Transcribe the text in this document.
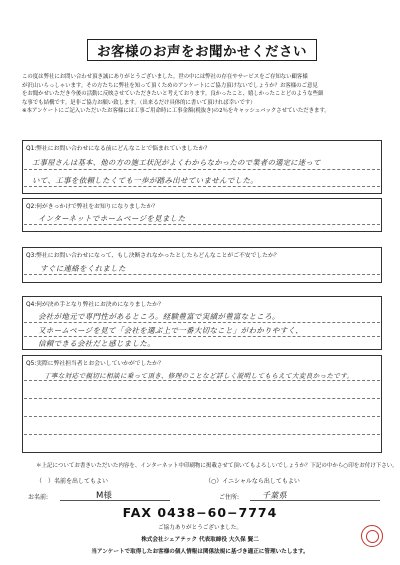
お客様のお声をお聞かせください
この度は弊社にお問い合わせ頂き誠にありがとうございました。世の中には弊社の存在やサービスをご存知ない顧客様
が沢山いらっしゃいます。その方たちに弊社を知って頂くためのアンケートにご協力頂けないでしょうか？お客様のご意見
をお聞かせいただき今後の活動に反映させていただきたいと考えております。良かったこと、嬉しかったことどのような些細
な事でも結構です。是非ご協力お願い致します。（出来るだけ具体的に書いて頂ければ幸いです）
※本アンケートにご記入いただいたお客様には工事ご用命時に工事金額(税抜き)の2％をキャッシュバックさせていただきます。
Q1:弊社にお問い合わせになる前にどんなことで悩まれていましたか？
工事屋さんは基本、他の方の施工状況がよくわからなかったので業者の選定に迷って
いて、工事を依頼したくても一歩が踏み出せていませんでした。
Q2:何がきっかけで弊社をお知りになりましたか？
インターネットでホームページを見ました
Q3:弊社にお問い合わせになって、もし決断されなかったとしたらどんなことがご不安でしたか？
すぐに連絡をくれました
Q4:何が決め手となり弊社にお決めになりましたか？
会社が地元で専門性があるところ。経験豊富で実績が豊富なところ。
又ホームページを見て「会社を選ぶ上で一番大切なこと」がわかりやすく、
信頼できる会社だと感じました。
Q5:実際に弊社担当者とお会いしていかがでしたか？
丁寧な対応で親切に相談に乗って頂き、修理のことなど詳しく説明してもらえて大変良かったです。
＊上記についてお書きいただいた内容を、インターネット中印刷物に掲載させて頂いてもよろしいでしょうか？下記の中から○印をお付け下さい。
（　）名前を出してもよい	（○）イニシャルなら出してもよい
お名前:	M様	ご住所:	千葉県
FAX 0438−60−7774
ご協力ありがとうございました。
株式会社シェアテック 代表取締役 大久保 賢二
当アンケートで取得したお客様の個人情報は関係法規に基づき適正に管理いたします。
